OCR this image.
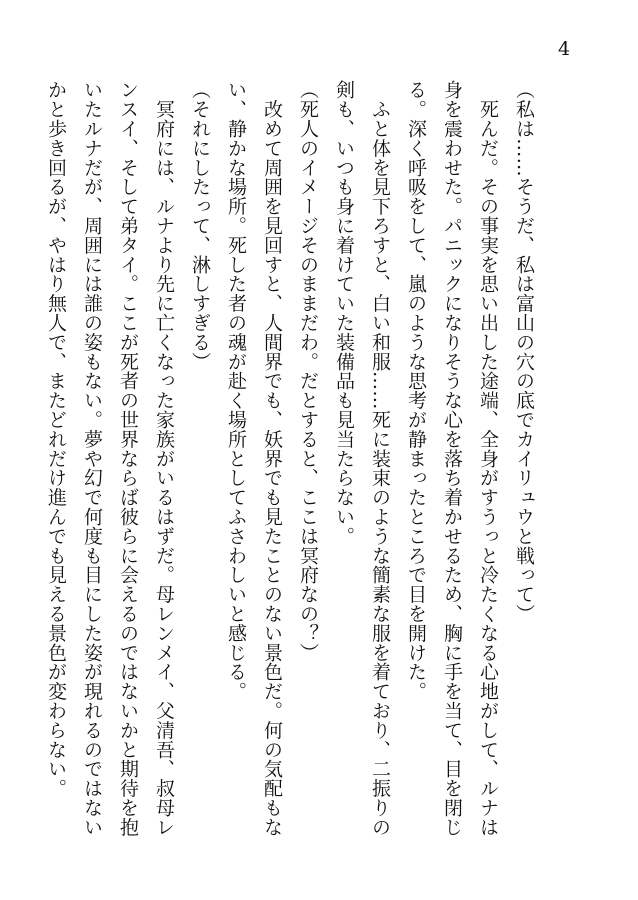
4
（私は……そうだ、私は富山の穴の底でカイリュウと戦って）
　死んだ。その事実を思い出した途端、全身がすうっと冷たくなる心地がして、ルナは
身を震わせた。パニックになりそうな心を落ち着かせるため、胸に手を当て、目を閉じ
る。深く呼吸をして、嵐のような思考が静まったところで目を開けた。
　ふと体を見下ろすと、白い和服……死に装束のような簡素な服を着ており、二振りの
剣も、いつも身に着けていた装備品も見当たらない。
（死人のイメージそのままだわ。だとすると、ここは冥府なの？）
　改めて周囲を見回すと、人間界でも、妖界でも見たことのない景色だ。何の気配もな
い、静かな場所。死した者の魂が赴く場所としてふさわしいと感じる。
（それにしたって、淋しすぎる）
　冥府には、ルナより先に亡くなった家族がいるはずだ。母レンメイ、父清吾、叔母レ
ンスイ、そして弟タイ。ここが死者の世界ならば彼らに会えるのではないかと期待を抱
いたルナだが、周囲には誰の姿もない。夢や幻で何度も目にした姿が現れるのではない
かと歩き回るが、やはり無人で、またどれだけ進んでも見える景色が変わらない。
